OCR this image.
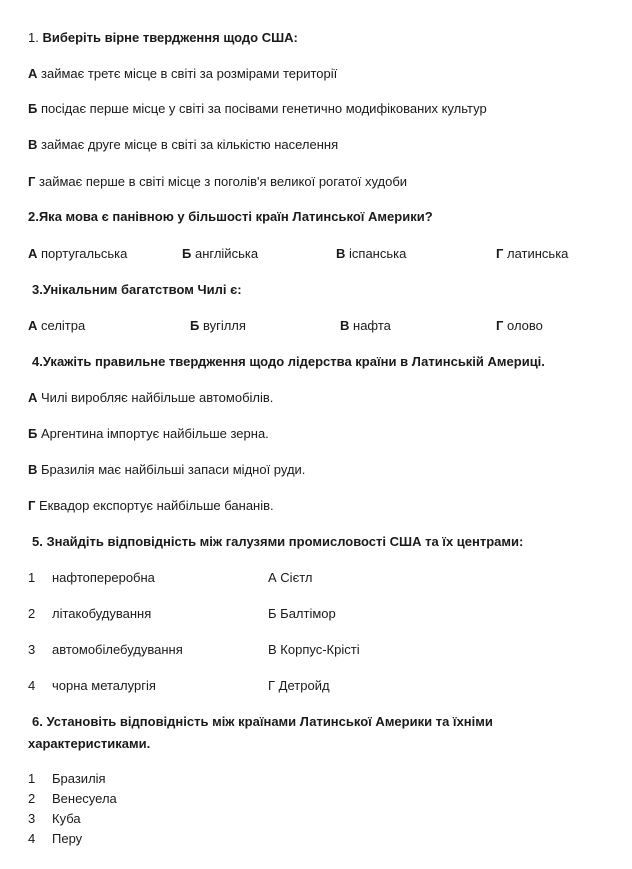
1. Виберіть вірне твердження щодо США:
А займає третє місце в світі за розмірами території
Б посідає перше місце у світі за посівами генетично модифікованих культур
В займає друге місце в світі за кількістю населення
Г займає перше в світі місце з поголів'я великої рогатої худоби
2.Яка мова є панівною у більшості країн Латинської Америки?
А португальська	Б англійська	В іспанська	Г латинська
3.Унікальним багатством Чилі є:
А селітра	Б вугілля	В нафта	Г олово
4.Укажіть правильне твердження щодо лідерства країни в Латинській Америці.
А Чилі виробляє найбільше автомобілів.
Б Аргентина імпортує найбільше зерна.
В Бразилія має найбільші запаси мідної руди.
Г Еквадор експортує найбільше бананів.
5. Знайдіть відповідність між галузями промисловості США та їх центрами:
1 нафтопереробна	А Сієтл
2 літакобудування	Б Балтімор
3 автомобілебудування	В Корпус-Крісті
4 чорна металургія	Г Детройд
6. Установіть відповідність між країнами Латинської Америки та їхніми
характеристиками.
1 Бразилія
2 Венесуела
3 Куба
4 Перу
